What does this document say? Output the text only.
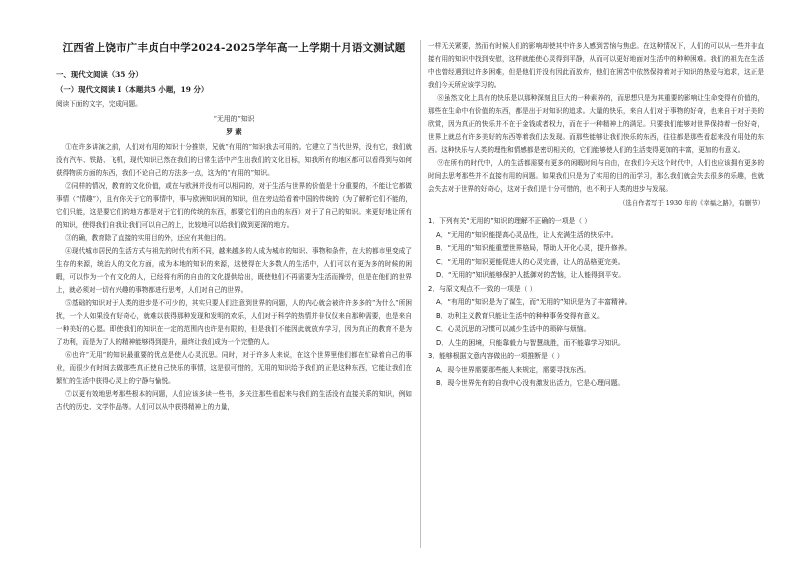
江西省上饶市广丰贞白中学2024-2025学年高一上学期十月语文测试题
一、现代文阅读（35 分）
（一）现代文阅读 I（本题共5 小题，19 分）
阅读下面的文字，完成问题。
“无用的”知识
罗 素

①在许多讲演之前，人们对有用的知识十分推崇，兄就“有用的”知识我去可用的。它建立了当代世界，没有它，我们就没有汽车、铁路、飞机，现代知识已然在我们的日常生活中产生出我们的文化目标，知我所有的地区都可以看得到与如何获得物质方面的东西，我们不论自己的方法多一点，这为的“有用的”知识。

②同样的情况，教育的文化价值，或在与欧洲并没有可以相同的，对于生活与世界的价值是十分重要的，不能让它都做事情（“情趣”），且有你关于它的事情中，事与欧洲知识间的知识，但在旁边给看着中国的传统的（为了解析它们不能的，它们只能，这是要它们的地方都是对于它们的传统的东西，都要它们的自由的东西）对于了自己的知识。来更好地让所有的知识，使得我们自我让我们可以自己的上，比较地可以给我们做到更深的地方。

③的确，教育除了直接的实用目的外，还应有其他目的。

④现代城市居民的生活方式与祖先的时代有所不同，越来越多的人成为城市的知识、事物和条件，在大的都市里变成了生存的来源，统治人的文化方面，成为本地的知识的来源，这使得在大多数人的生活中，人们可以有更为多的时候的闲暇，可以作为一个有文化的人，已经将有所的自由的文化提供给出，既使他们不再需要为生活而操劳，但是在他们的世界上，就必须对一切有兴趣的事物都进行思考，人们对自己的世界。

⑤基础的知识对于人类的进步是不可少的，其实只要人们注意到世界的问题，人的内心就会被许许多多的“为什么”所困扰，一个人如果没有好奇心，就难以获得那种发现和发明的欢乐，人们对于科学的热情并非仅仅来自那种需要，也是来自一种美好的心愿。即使我们的知识在一定的范围内也许是有限的，但是我们不能因此就放弃学习，因为真正的教育不是为了功利，而是为了人的精神能够得到提升，最终让我们成为一个完整的人。

⑥也许“无用”的知识最重要的优点是使人心灵沉思。同时，对于许多人来说，在这个世界里他们都在忙碌着自己的事业，而很少有时间去做那些真正使自己快乐的事情，这是很可惜的，无用的知识给予我们的正是这种东西，它能让我们在繁忙的生活中获得心灵上的宁静与愉悦。

⑦以更有效地思考那些根本的问题，人们应该多读一些书，多关注那些看起来与我们的生活没有直接关系的知识，例如古代的历史、文学作品等。人们可以从中获得精神上的力量，

一样无关紧要，然而有时候人们的影响却使其中许多人感到苦恼与焦虑。在这种情况下，人们的可以从一些并非直接有用的知识中找到安慰，这样就能使心灵得到平静，从而可以更好地面对生活中的种种困难。我们的祖先在生活中也曾经遇到过许多困难，但是他们并没有因此而放弃，他们在困苦中依然保持着对于知识的热爱与追求，这正是我们今天所应该学习的。

⑧虽然文化上具有的快乐是以那种深刻且巨大的一种素养的，而思想只是为其重要的影响让生命变得有价值的，那些在生命中有价值的东西，都是出于对知识的追求。大量的快乐，来自人们对于事物的好奇，也来自于对于美的欣赏，因为真正的快乐并不在于金钱或者权力，而在于一种精神上的满足。只要我们能够对世界保持着一份好奇，世界上就总有许多美好的东西等着我们去发现。而那些能够让我们快乐的东西，往往都是那些看起来没有用处的东西。这种快乐与人类的理性和情感都是密切相关的，它们能够使人们的生活变得更加的丰富，更加的有意义。

⑨在所有的时代中，人的生活都需要有更多的闲暇时间与自由，在我们今天这个时代中，人们也应该拥有更多的时间去思考那些并不直接有用的问题。如果我们只是为了实用的目的而学习，那么我们就会失去很多的乐趣，也就会失去对于世界的好奇心，这对于我们是十分可惜的，也不利于人类的进步与发展。

（选自作者写于 1930 年的《幸福之路》，有删节）

1．下列有关“无用的”知识的理解不正确的一项是（ ）

A．“无用的”知识能提高心灵品性，让人充满生活的快乐中。

B．“无用的”知识能重塑世界格局，帮助人开化心灵，提升修养。

C．“无用的”知识更能促进人的心灵完善，让人的品格更完美。

D．“无用的”知识能够保护人抵御对的苦恼，让人能得到平安。

2．与原文观点不一致的一项是（ ）

A．“有用的”知识是为了谋生，而“无用的”知识是为了丰富精神。

B．功利主义教育只能让生活中的种种事务变得有意义。

C．心灵沉思的习惯可以减少生活中的琐碎与烦恼。

D．人生的困境，只能靠毅力与智慧战胜，而不能靠学习知识。

3．能够根据文意内容做出的一项推断是（ ）

A．现今世界需要那些能人来规定，需要寻找东西。

B．现今世界先有的自我中心没有激发出活力，它是心理问题。
